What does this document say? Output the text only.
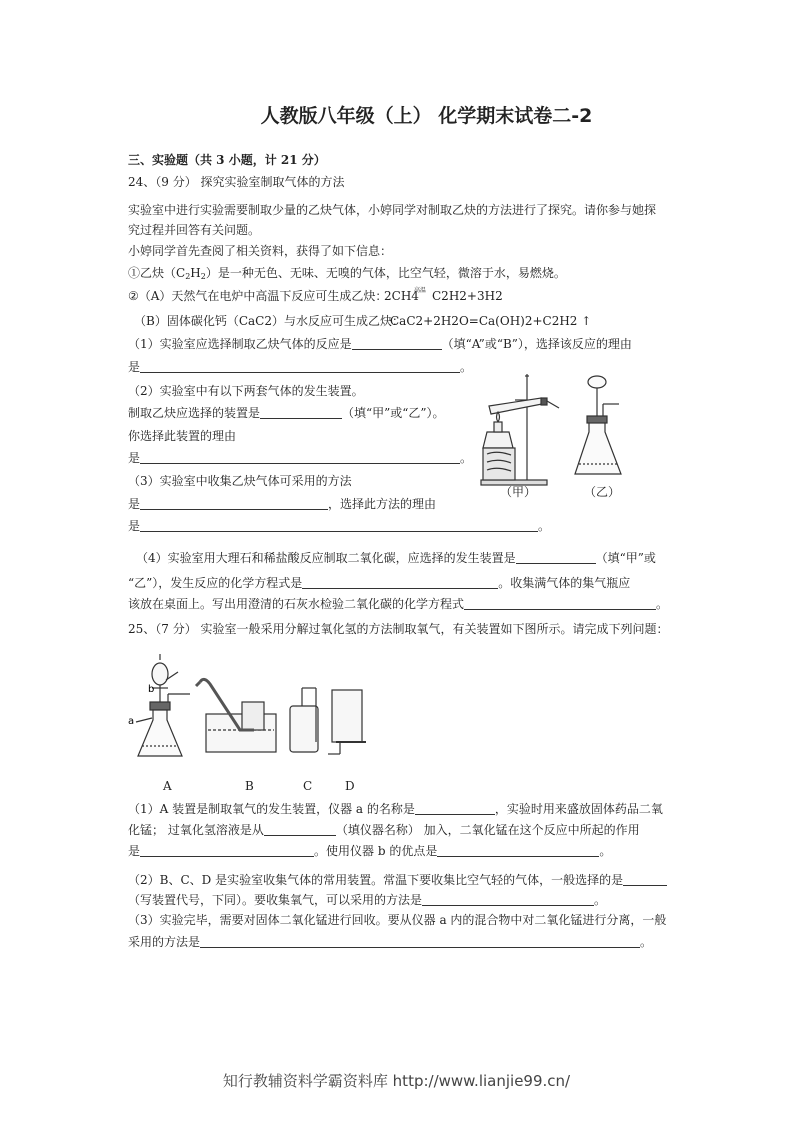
人教版八年级（上） 化学期末试卷二-2
三、实验题（共 3 小题，计 21 分）
24、（9 分） 探究实验室制取气体的方法
实验室中进行实验需要制取少量的乙炔气体，小婷同学对制取乙炔的方法进行了探究。请你参与她探
究过程并回答有关问题。
小婷同学首先查阅了相关资料，获得了如下信息：
①乙炔$(C_2H_2)$是一种无色、无味、无嗅的气体，比空气轻，微溶于水，易燃烧。
②（A）天然气在电炉中高温下反应可生成乙炔：
2CH4
高温 C2H2+3H2
（B）固体碳化钙（CaC2）与水反应可生成乙炔：
CaC2+2H2O=Ca(OH)2+C2H2 ↑
（1）实验室应选择制取乙炔气体的反应是	（填“A”或“B”），选择该反应的理由
是	。
（2）实验室中有以下两套气体的发生装置。
制取乙炔应选择的装置是	（填“甲”或“乙”）。
你选择此装置的理由
是	。
（3）实验室中收集乙炔气体可采用的方法
是	，选择此方法的理由
是	。
（甲）	（乙）
（4）实验室用大理石和稀盐酸反应制取二氧化碳，应选择的发生装置是	（填“甲”或
“乙”），发生反应的化学方程式是	。收集满气体的集气瓶应
该放在桌面上。写出用澄清的石灰水检验二氧化碳的化学方程式	。
25、（7 分） 实验室一般采用分解过氧化氢的方法制取氧气，有关装置如下图所示。请完成下列问题：
b
a
A	B	C	D
（1）A 装置是制取氧气的发生装置，仪器 a 的名称是	，实验时用来盛放固体药品二氧
化锰； 过氧化氢溶液是从	（填仪器名称） 加入，二氧化锰在这个反应中所起的作用
是	。使用仪器 b 的优点是	。
（2）B、C、D 是实验室收集气体的常用装置。常温下要收集比空气轻的气体，一般选择的是
（写装置代号，下同）。要收集氧气，可以采用的方法是	。
（3）实验完毕，需要对固体二氧化锰进行回收。要从仪器 a 内的混合物中对二氧化锰进行分离，一般
采用的方法是	。
知行教辅资料学霸资料库 http://www.lianjie99.cn/
